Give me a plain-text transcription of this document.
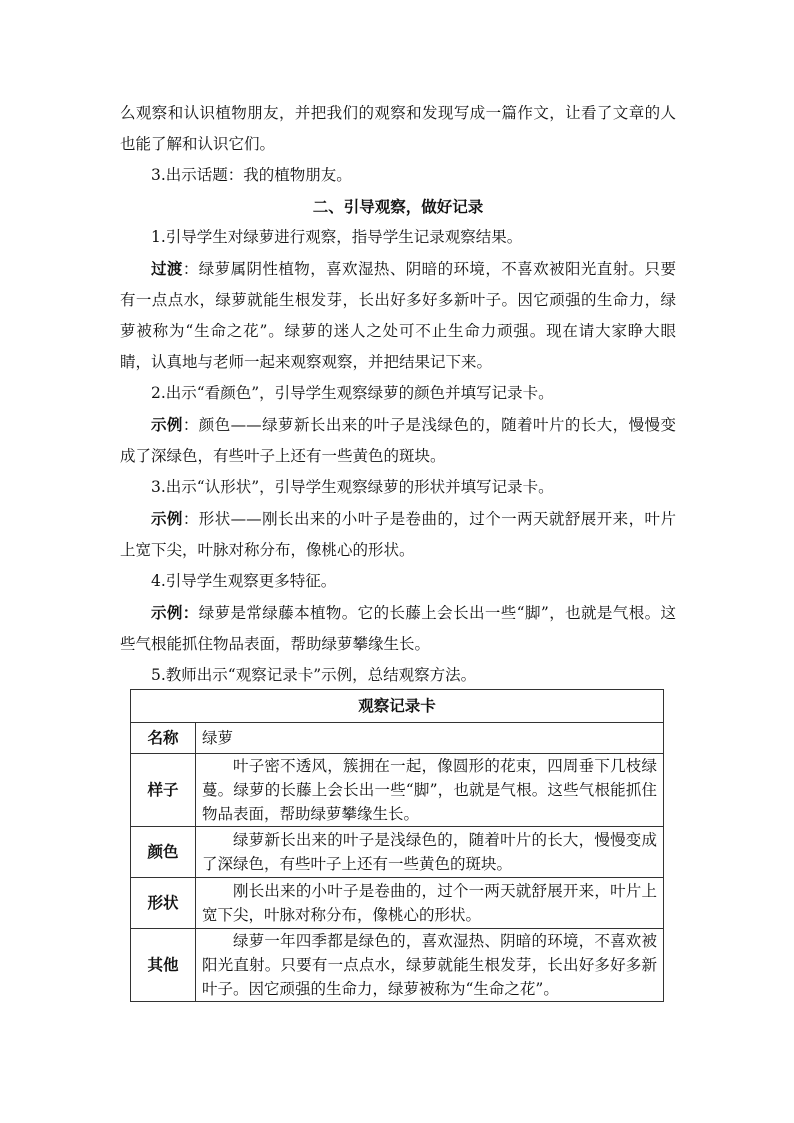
么观察和认识植物朋友，并把我们的观察和发现写成一篇作文，让看了文章的人也能了解和认识它们。

3.出示话题：我的植物朋友。

二、引导观察，做好记录

1.引导学生对绿萝进行观察，指导学生记录观察结果。

过渡：绿萝属阴性植物，喜欢湿热、阴暗的环境，不喜欢被阳光直射。只要有一点点水，绿萝就能生根发芽，长出好多好多新叶子。因它顽强的生命力，绿萝被称为“生命之花”。绿萝的迷人之处可不止生命力顽强。现在请大家睁大眼睛，认真地与老师一起来观察观察，并把结果记下来。

2.出示“看颜色”，引导学生观察绿萝的颜色并填写记录卡。

示例：颜色——绿萝新长出来的叶子是浅绿色的，随着叶片的长大，慢慢变成了深绿色，有些叶子上还有一些黄色的斑块。

3.出示“认形状”，引导学生观察绿萝的形状并填写记录卡。

示例：形状——刚长出来的小叶子是卷曲的，过个一两天就舒展开来，叶片上宽下尖，叶脉对称分布，像桃心的形状。

4.引导学生观察更多特征。

示例：绿萝是常绿藤本植物。它的长藤上会长出一些“脚”，也就是气根。这些气根能抓住物品表面，帮助绿萝攀缘生长。

5.教师出示“观察记录卡”示例，总结观察方法。

观察记录卡	
名称	绿萝
样子	叶子密不透风，簇拥在一起，像圆形的花束，四周垂下几枝绿蔓。绿萝的长藤上会长出一些“脚”，也就是气根。这些气根能抓住物品表面，帮助绿萝攀缘生长。
颜色	绿萝新长出来的叶子是浅绿色的，随着叶片的长大，慢慢变成了深绿色，有些叶子上还有一些黄色的斑块。
形状	刚长出来的小叶子是卷曲的，过个一两天就舒展开来，叶片上宽下尖，叶脉对称分布，像桃心的形状。
其他	绿萝一年四季都是绿色的，喜欢湿热、阴暗的环境，不喜欢被阳光直射。只要有一点点水，绿萝就能生根发芽，长出好多好多新叶子。因它顽强的生命力，绿萝被称为“生命之花”。
